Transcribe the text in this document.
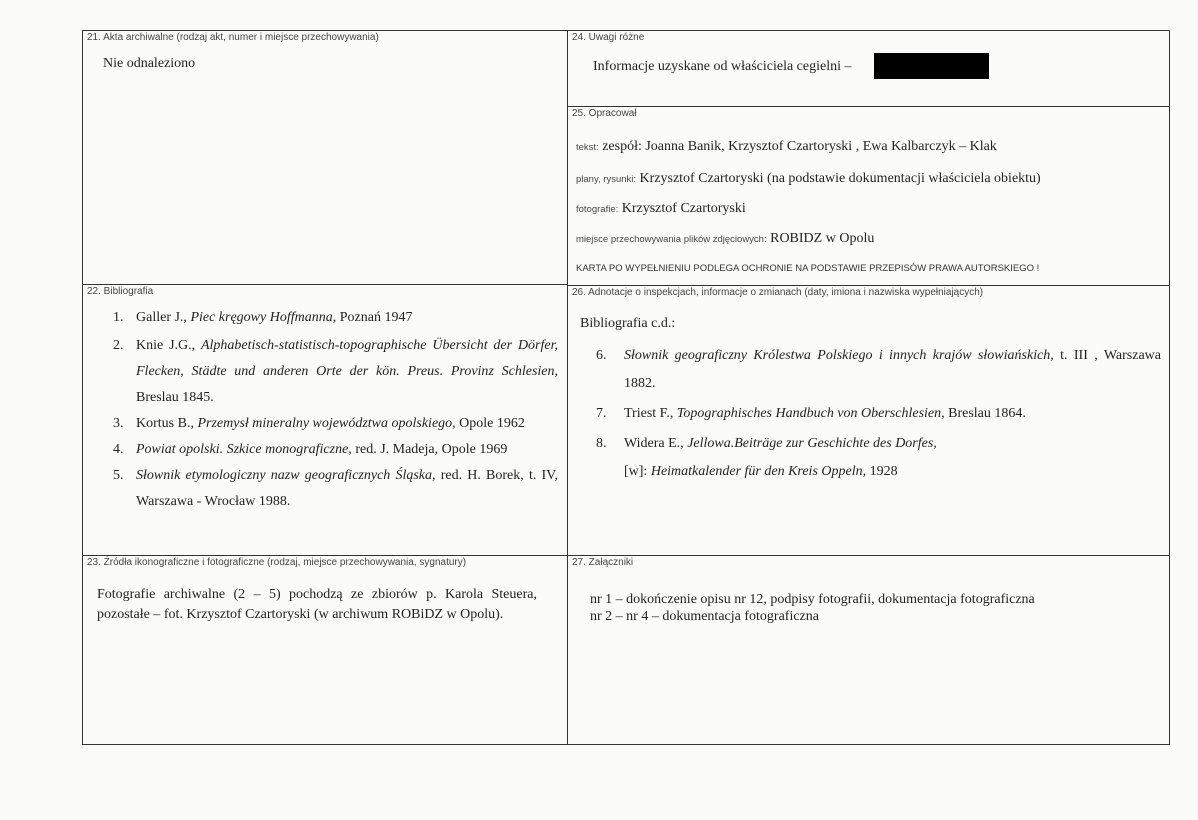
21. Akta archiwalne (rodzaj akt, numer i miejsce przechowywania)
Nie odnaleziono
24. Uwagi różne
Informacje uzyskane od właściciela cegielni –
25. Opracował
tekst: zespół: Joanna Banik, Krzysztof Czartoryski , Ewa Kalbarczyk – Klak
plany, rysunki: Krzysztof Czartoryski (na podstawie dokumentacji właściciela obiektu)
fotografie: Krzysztof Czartoryski
miejsce przechowywania plików zdjęciowych: ROBIDZ w Opolu
KARTA PO WYPEŁNIENIU PODLEGA OCHRONIE NA PODSTAWIE PRZEPISÓW PRAWA AUTORSKIEGO !
22. Bibliografia
1. Galler J., Piec kręgowy Hoffmanna, Poznań 1947
2. Knie J.G., Alphabetisch-statistisch-topographische Übersicht der Dörfer, Flecken, Städte und anderen Orte der kön. Preus. Provinz Schlesien, Breslau 1845.
3. Kortus B., Przemysł mineralny województwa opolskiego, Opole 1962
4. Powiat opolski. Szkice monograficzne, red. J. Madeja, Opole 1969
5. Słownik etymologiczny nazw geograficznych Śląska, red. H. Borek, t. IV, Warszawa - Wrocław 1988.
26. Adnotacje o inspekcjach, informacje o zmianach (daty, imiona i nazwiska wypełniających)
Bibliografia c.d.:
6. Słownik geograficzny Królestwa Polskiego i innych krajów słowiańskich, t. III , Warszawa 1882.
7. Triest F., Topographisches Handbuch von Oberschlesien, Breslau 1864.
8. Widera E., Jellowa.Beiträge zur Geschichte des Dorfes,
[w]: Heimatkalender für den Kreis Oppeln, 1928
23. Źródła ikonograficzne i fotograficzne (rodzaj, miejsce przechowywania, sygnatury)
Fotografie archiwalne (2 – 5) pochodzą ze zbiorów p. Karola Steuera, pozostałe – fot. Krzysztof Czartoryski (w archiwum ROBiDZ w Opolu).
27. Załączniki
nr 1 – dokończenie opisu nr 12, podpisy fotografii, dokumentacja fotograficzna
nr 2 – nr 4 – dokumentacja fotograficzna
